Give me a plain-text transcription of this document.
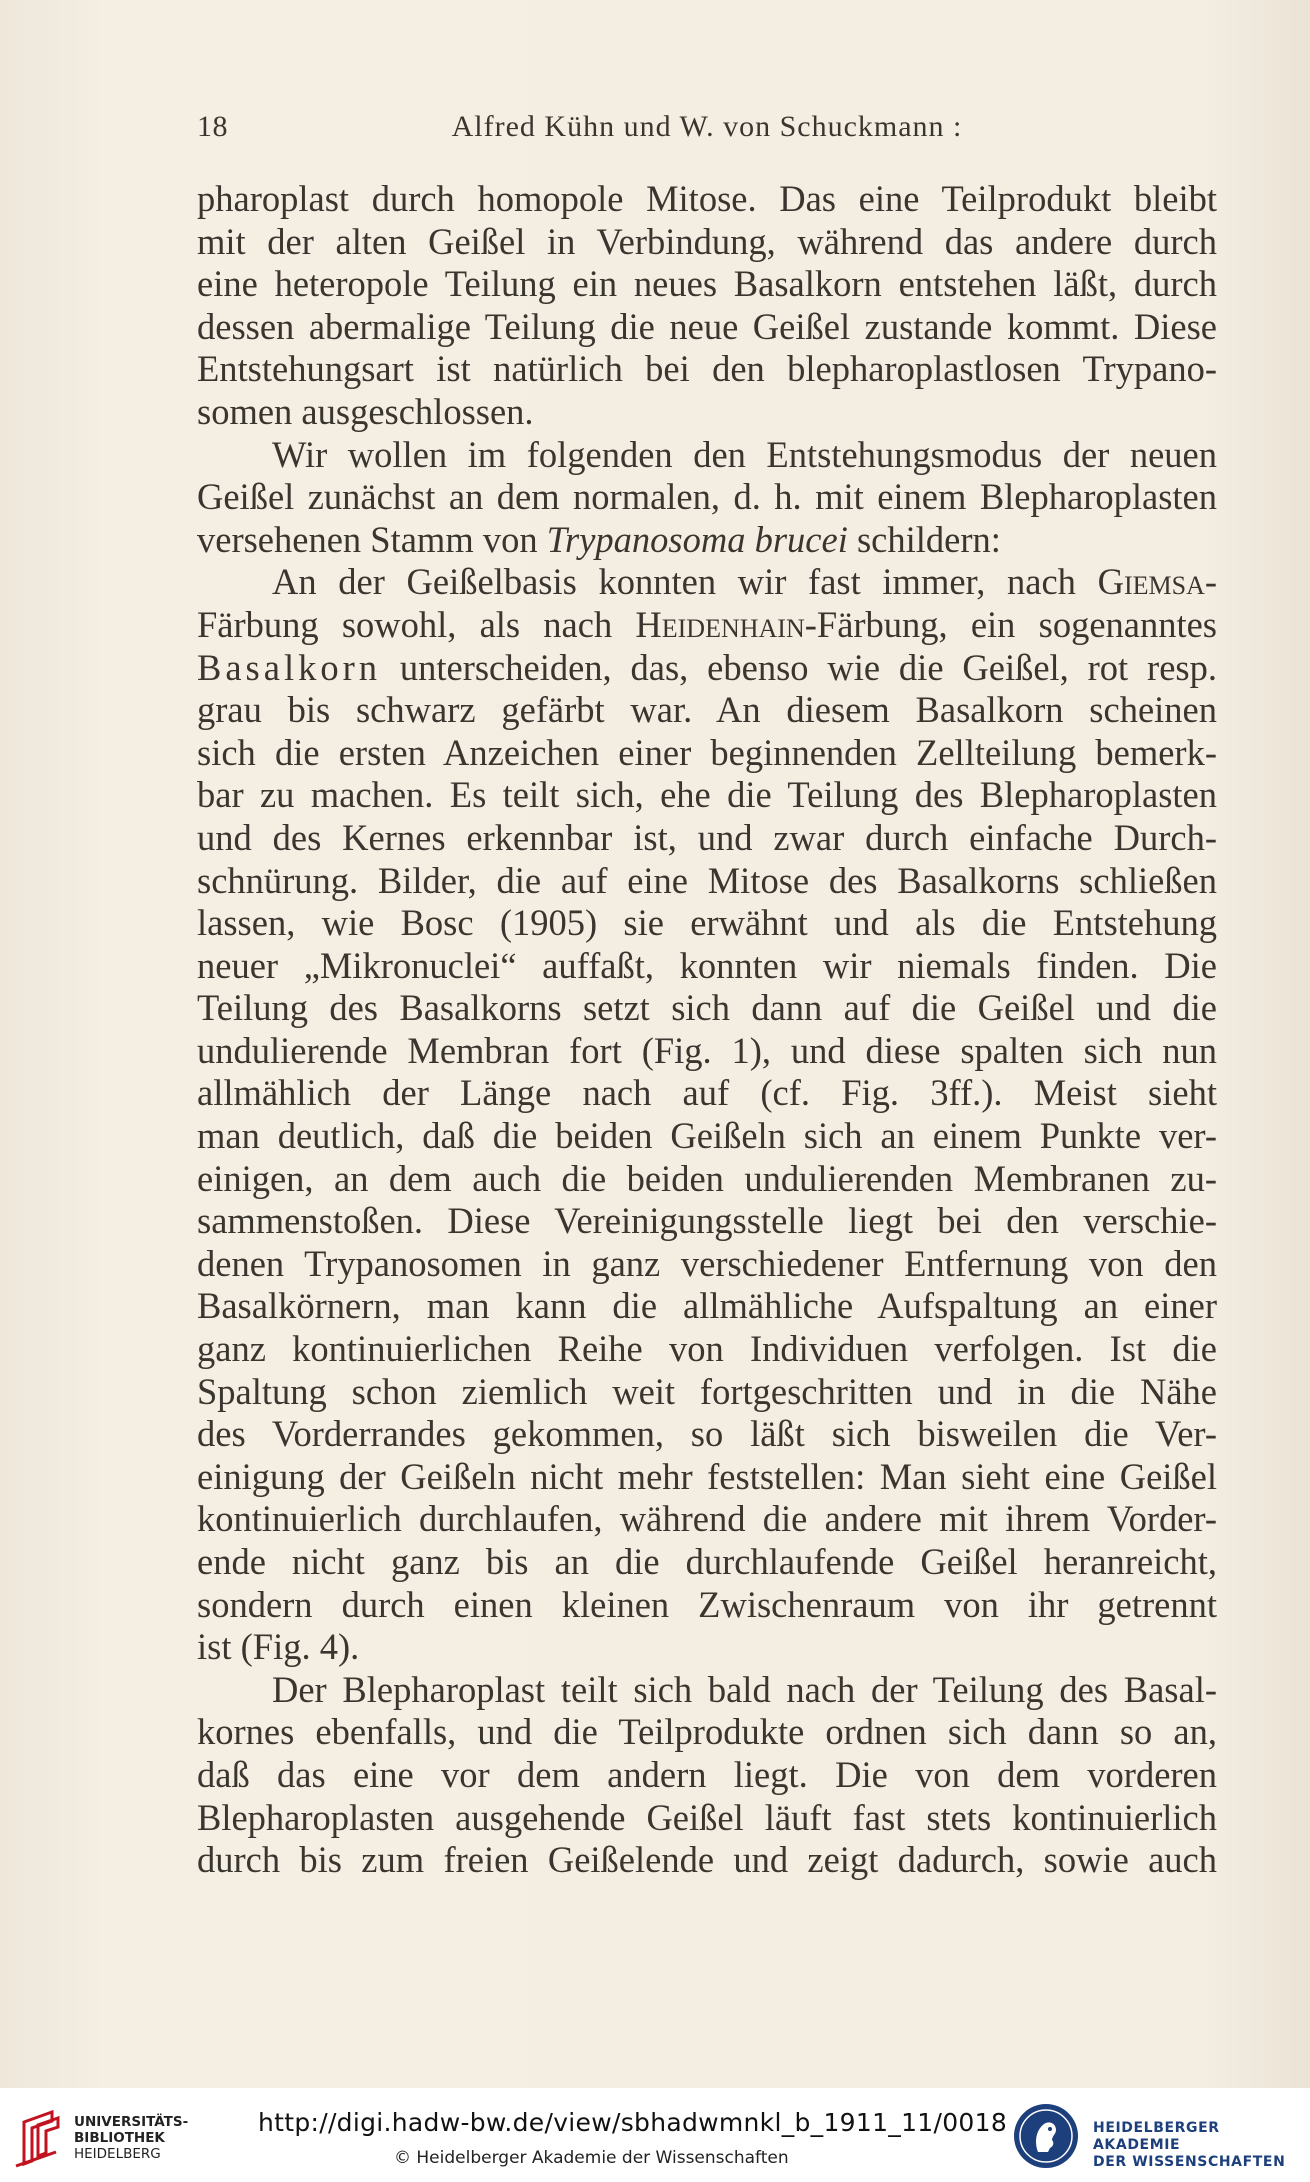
18	Alfred Kühn und W. von Schuckmann :
pharoplast durch homopole Mitose. Das eine Teilprodukt bleibt
mit der alten Geißel in Verbindung, während das andere durch
eine heteropole Teilung ein neues Basalkorn entstehen läßt, durch
dessen abermalige Teilung die neue Geißel zustande kommt. Diese
Entstehungsart ist natürlich bei den blepharoplastlosen Trypano-
somen ausgeschlossen.
Wir wollen im folgenden den Entstehungsmodus der neuen
Geißel zunächst an dem normalen, d. h. mit einem Blepharoplasten
versehenen Stamm von Trypanosoma brucei schildern:
An der Geißelbasis konnten wir fast immer, nach Giemsa-
Färbung sowohl, als nach Heidenhain-Färbung, ein sogenanntes
Basalkorn unterscheiden, das, ebenso wie die Geißel, rot resp.
grau bis schwarz gefärbt war. An diesem Basalkorn scheinen
sich die ersten Anzeichen einer beginnenden Zellteilung bemerk-
bar zu machen. Es teilt sich, ehe die Teilung des Blepharoplasten
und des Kernes erkennbar ist, und zwar durch einfache Durch-
schnürung. Bilder, die auf eine Mitose des Basalkorns schließen
lassen, wie Bosc (1905) sie erwähnt und als die Entstehung
neuer „Mikronuclei“ auffaßt, konnten wir niemals finden. Die
Teilung des Basalkorns setzt sich dann auf die Geißel und die
undulierende Membran fort (Fig. 1), und diese spalten sich nun
allmählich der Länge nach auf (cf. Fig. 3ff.). Meist sieht
man deutlich, daß die beiden Geißeln sich an einem Punkte ver-
einigen, an dem auch die beiden undulierenden Membranen zu-
sammenstoßen. Diese Vereinigungsstelle liegt bei den verschie-
denen Trypanosomen in ganz verschiedener Entfernung von den
Basalkörnern, man kann die allmähliche Aufspaltung an einer
ganz kontinuierlichen Reihe von Individuen verfolgen. Ist die
Spaltung schon ziemlich weit fortgeschritten und in die Nähe
des Vorderrandes gekommen, so läßt sich bisweilen die Ver-
einigung der Geißeln nicht mehr feststellen: Man sieht eine Geißel
kontinuierlich durchlaufen, während die andere mit ihrem Vorder-
ende nicht ganz bis an die durchlaufende Geißel heranreicht,
sondern durch einen kleinen Zwischenraum von ihr getrennt
ist (Fig. 4).
Der Blepharoplast teilt sich bald nach der Teilung des Basal-
kornes ebenfalls, und die Teilprodukte ordnen sich dann so an,
daß das eine vor dem andern liegt. Die von dem vorderen
Blepharoplasten ausgehende Geißel läuft fast stets kontinuierlich
durch bis zum freien Geißelende und zeigt dadurch, sowie auch
UNIVERSITÄTS-
BIBLIOTHEK
HEIDELBERG
http://digi.hadw-bw.de/view/sbhadwmnkl_b_1911_11/0018
© Heidelberger Akademie der Wissenschaften
HEIDELBERGER AKADEMIE
DER WISSENSCHAFTEN
